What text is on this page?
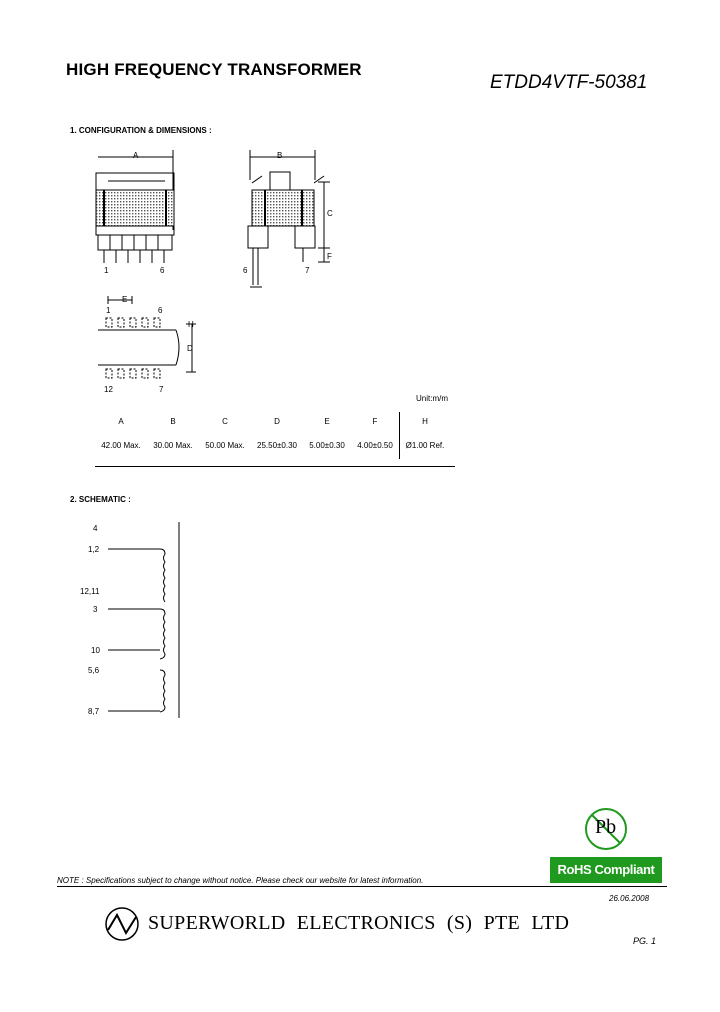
HIGH FREQUENCY TRANSFORMER
ETDD4VTF-50381
1. CONFIGURATION & DIMENSIONS :
A
1	6
B
C
F
6	7
E
H
D
1	6
12	7
Unit:m/m
A	B	C	D	E	F	H
42.00 Max.	30.00 Max.	50.00 Max.	25.50±0.30	5.00±0.30	4.00±0.50	Ø1.00 Ref.
2. SCHEMATIC :
4
1,2
12,11
3
10
5,6
8,7
Pb
RoHS Compliant
NOTE : Specifications subject to change without notice. Please check our website for latest information.
26.06.2008
SUPERWORLD ELECTRONICS (S) PTE LTD
PG. 1
